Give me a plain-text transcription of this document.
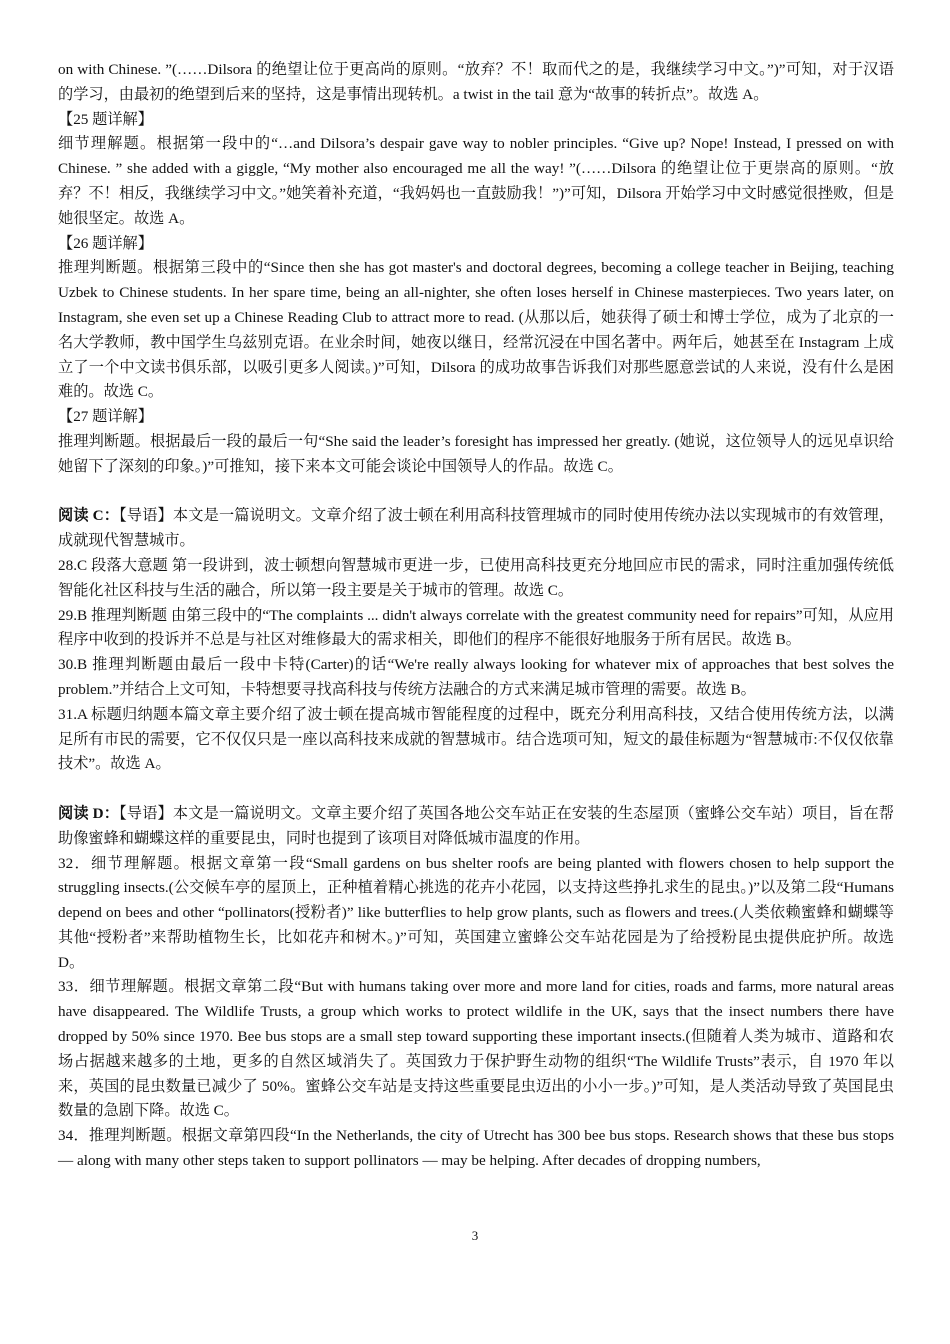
on with Chinese. ”(……Dilsora 的绝望让位于更高尚的原则。“放弃？不！取而代之的是，我继续学习中文。”)”可知，对于汉语的学习，由最初的绝望到后来的坚持，这是事情出现转机。a twist in the tail 意为“故事的转折点”。故选 A。

【25 题详解】

细节理解题。根据第一段中的“…and Dilsora’s despair gave way to nobler principles. “Give up? Nope! Instead, I pressed on with Chinese. ” she added with a giggle, “My mother also encouraged me all the way! ”(……Dilsora 的绝望让位于更崇高的原则。“放弃？不！相反，我继续学习中文。”她笑着补充道，“我妈妈也一直鼓励我！”)”可知，Dilsora 开始学习中文时感觉很挫败，但是她很坚定。故选 A。

【26 题详解】

推理判断题。根据第三段中的“Since then she has got master's and doctoral degrees, becoming a college teacher in Beijing, teaching Uzbek to Chinese students. In her spare time, being an all-nighter, she often loses herself in Chinese masterpieces. Two years later, on Instagram, she even set up a Chinese Reading Club to attract more to read. (从那以后，她获得了硕士和博士学位，成为了北京的一名大学教师，教中国学生乌兹别克语。在业余时间，她夜以继日，经常沉浸在中国名著中。两年后，她甚至在 Instagram 上成立了一个中文读书俱乐部，以吸引更多人阅读。)”可知，Dilsora 的成功故事告诉我们对那些愿意尝试的人来说，没有什么是困难的。故选 C。

【27 题详解】

推理判断题。根据最后一段的最后一句“She said the leader’s foresight has impressed her greatly. (她说，这位领导人的远见卓识给她留下了深刻的印象。)”可推知，接下来本文可能会谈论中国领导人的作品。故选 C。

阅读 C：【导语】本文是一篇说明文。文章介绍了波士顿在利用高科技管理城市的同时使用传统办法以实现城市的有效管理，成就现代智慧城市。

28.C 段落大意题 第一段讲到，波士顿想向智慧城市更进一步，已使用高科技更充分地回应市民的需求，同时注重加强传统低智能化社区科技与生活的融合，所以第一段主要是关于城市的管理。故选 C。

29.B 推理判断题 由第三段中的“The complaints ... didn't always correlate with the greatest community need for repairs”可知，从应用程序中收到的投诉并不总是与社区对维修最大的需求相关，即他们的程序不能很好地服务于所有居民。故选 B。

30.B 推理判断题由最后一段中卡特(Carter)的话“We're really always looking for whatever mix of approaches that best solves the problem.”并结合上文可知，卡特想要寻找高科技与传统方法融合的方式来满足城市管理的需要。故选 B。

31.A 标题归纳题本篇文章主要介绍了波士顿在提高城市智能程度的过程中，既充分利用高科技，又结合使用传统方法，以满足所有市民的需要，它不仅仅只是一座以高科技来成就的智慧城市。结合选项可知，短文的最佳标题为“智慧城市:不仅仅依靠技术”。故选 A。

阅读 D：【导语】本文是一篇说明文。文章主要介绍了英国各地公交车站正在安装的生态屋顶（蜜蜂公交车站）项目，旨在帮助像蜜蜂和蝴蝶这样的重要昆虫，同时也提到了该项目对降低城市温度的作用。

32．细节理解题。根据文章第一段“Small gardens on bus shelter roofs are being planted with flowers chosen to help support the struggling insects.(公交候车亭的屋顶上，正种植着精心挑选的花卉小花园，以支持这些挣扎求生的昆虫。)”以及第二段“Humans depend on bees and other “pollinators(授粉者)” like butterflies to help grow plants, such as flowers and trees.(人类依赖蜜蜂和蝴蝶等其他“授粉者”来帮助植物生长，比如花卉和树木。)”可知，英国建立蜜蜂公交车站花园是为了给授粉昆虫提供庇护所。故选 D。

33．细节理解题。根据文章第二段“But with humans taking over more and more land for cities, roads and farms, more natural areas have disappeared. The Wildlife Trusts, a group which works to protect wildlife in the UK, says that the insect numbers there have dropped by 50% since 1970. Bee bus stops are a small step toward supporting these important insects.(但随着人类为城市、道路和农场占据越来越多的土地，更多的自然区域消失了。英国致力于保护野生动物的组织“The Wildlife Trusts”表示，自 1970 年以来，英国的昆虫数量已减少了 50%。蜜蜂公交车站是支持这些重要昆虫迈出的小小一步。)”可知，是人类活动导致了英国昆虫数量的急剧下降。故选 C。

34．推理判断题。根据文章第四段“In the Netherlands, the city of Utrecht has 300 bee bus stops. Research shows that these bus stops— along with many other steps taken to support pollinators — may be helping. After decades of dropping numbers,

3
